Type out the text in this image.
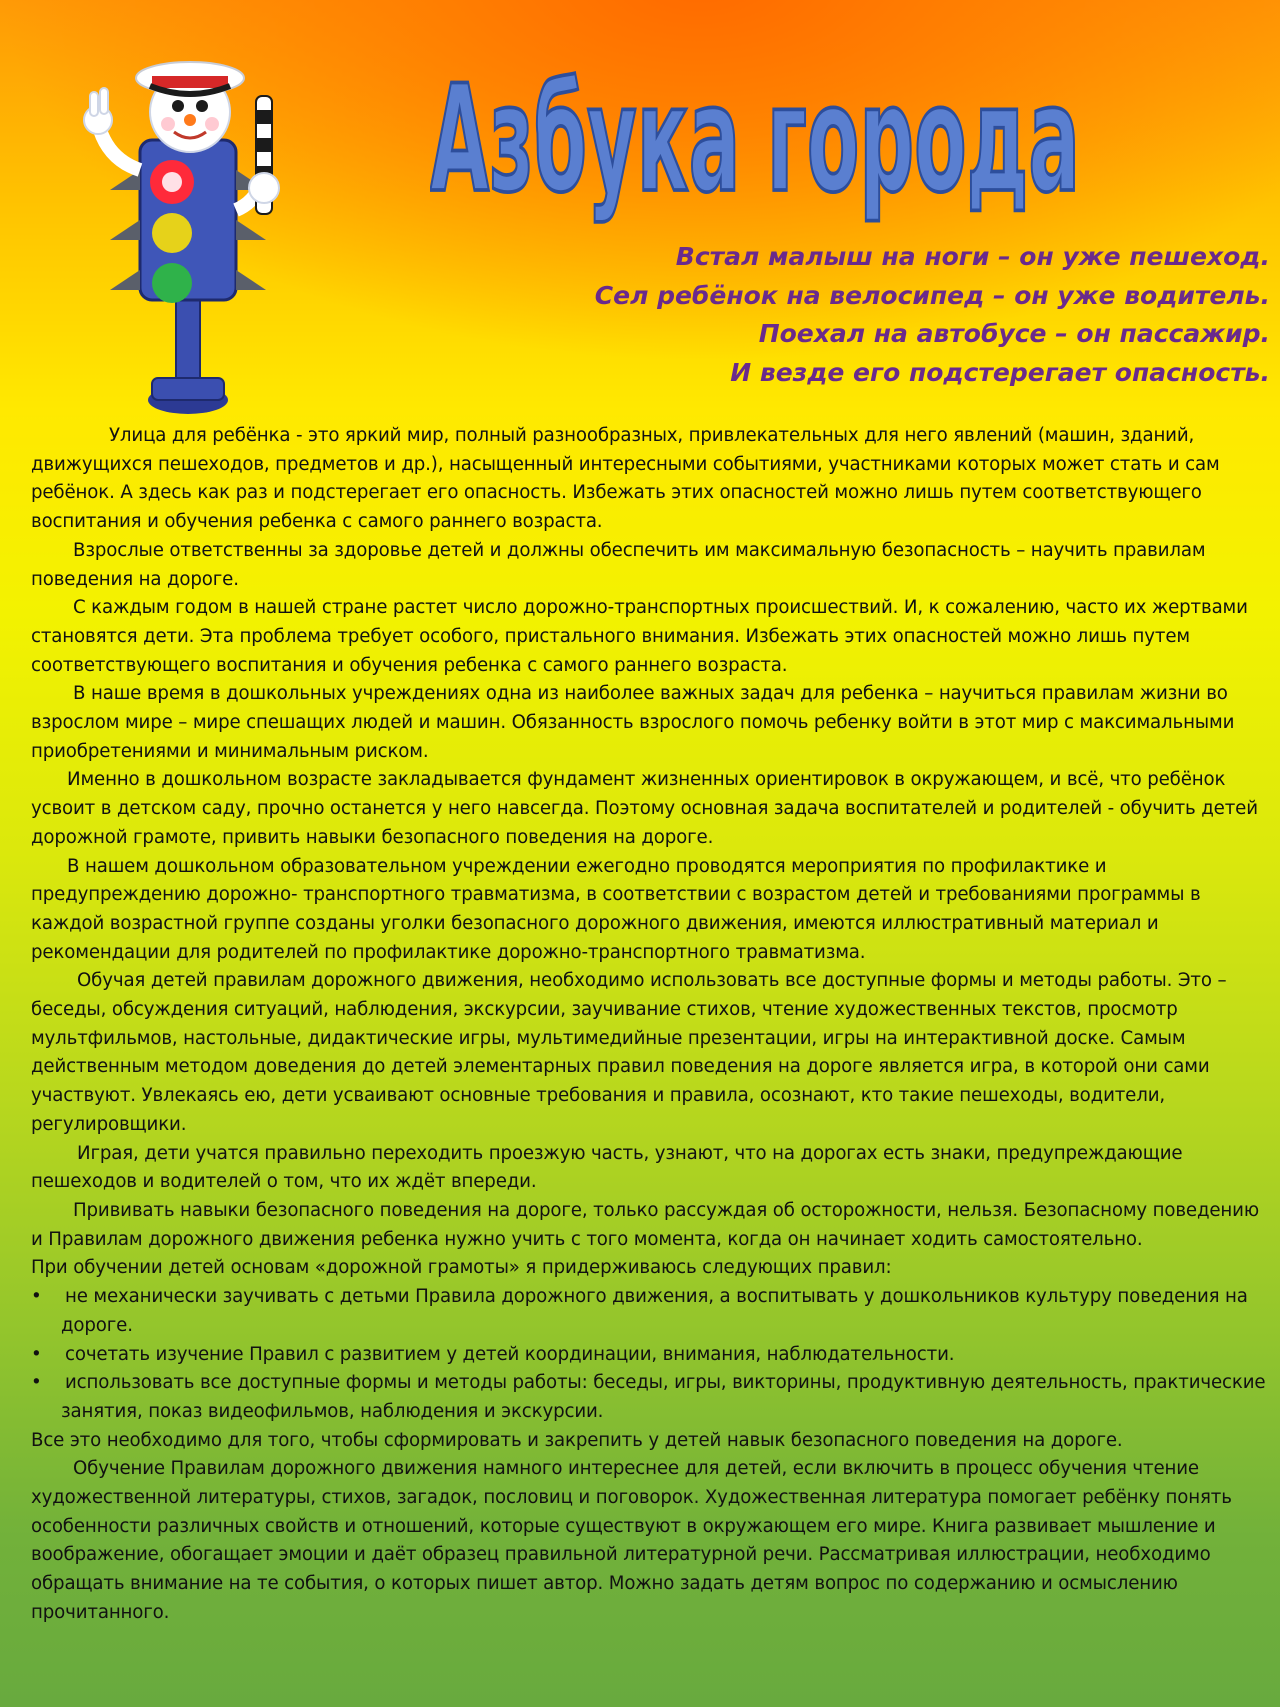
Азбука города
Встал малыш на ноги – он уже пешеход.
Сел ребёнок на велосипед – он уже водитель.
Поехал на автобусе – он пассажир.
И везде его подстерегает опасность.

Улица для ребёнка - это яркий мир, полный разнообразных, привлекательных для него явлений (машин, зданий, движущихся пешеходов, предметов и др.), насыщенный интересными событиями, участниками которых может стать и сам ребёнок. А здесь как раз и подстерегает его опасность. Избежать этих опасностей можно лишь путем соответствующего воспитания и обучения ребенка с самого раннего возраста.

Взрослые ответственны за здоровье детей и должны обеспечить им максимальную безопасность – научить правилам поведения на дороге.

С каждым годом в нашей стране растет число дорожно-транспортных происшествий. И, к сожалению, часто их жертвами становятся дети. Эта проблема требует особого, пристального внимания. Избежать этих опасностей можно лишь путем соответствующего воспитания и обучения ребенка с самого раннего возраста.

В наше время в дошкольных учреждениях одна из наиболее важных задач для ребенка – научиться правилам жизни во взрослом мире – мире спешащих людей и машин. Обязанность взрослого помочь ребенку войти в этот мир с максимальными приобретениями и минимальным риском.

Именно в дошкольном возрасте закладывается фундамент жизненных ориентировок в окружающем, и всё, что ребёнок усвоит в детском саду, прочно останется у него навсегда. Поэтому основная задача воспитателей и родителей - обучить детей дорожной грамоте, привить навыки безопасного поведения на дороге.

В нашем дошкольном образовательном учреждении ежегодно проводятся мероприятия по профилактике и предупреждению дорожно- транспортного травматизма, в соответствии с возрастом детей и требованиями программы в каждой возрастной группе созданы уголки безопасного дорожного движения, имеются иллюстративный материал и рекомендации для родителей по профилактике дорожно-транспортного травматизма.

Обучая детей правилам дорожного движения, необходимо использовать все доступные формы и методы работы. Это – беседы, обсуждения ситуаций, наблюдения, экскурсии, заучивание стихов, чтение художественных текстов, просмотр мультфильмов, настольные, дидактические игры, мультимедийные презентации, игры на интерактивной доске. Самым действенным методом доведения до детей элементарных правил поведения на дороге является игра, в которой они сами участвуют. Увлекаясь ею, дети усваивают основные требования и правила, осознают, кто такие пешеходы, водители, регулировщики.

Играя, дети учатся правильно переходить проезжую часть, узнают, что на дорогах есть знаки, предупреждающие пешеходов и водителей о том, что их ждёт впереди.

Прививать навыки безопасного поведения на дороге, только рассуждая об осторожности, нельзя. Безопасному поведению и Правилам дорожного движения ребенка нужно учить с того момента, когда он начинает ходить самостоятельно.

При обучении детей основам «дорожной грамоты» я придерживаюсь следующих правил:

• не механически заучивать с детьми Правила дорожного движения, а воспитывать у дошкольников культуру поведения на дороге.
• сочетать изучение Правил с развитием у детей координации, внимания, наблюдательности.
• использовать все доступные формы и методы работы: беседы, игры, викторины, продуктивную деятельность, практические занятия, показ видеофильмов, наблюдения и экскурсии.

Все это необходимо для того, чтобы сформировать и закрепить у детей навык безопасного поведения на дороге.

Обучение Правилам дорожного движения намного интереснее для детей, если включить в процесс обучения чтение художественной литературы, стихов, загадок, пословиц и поговорок. Художественная литература помогает ребёнку понять особенности различных свойств и отношений, которые существуют в окружающем его мире. Книга развивает мышление и воображение, обогащает эмоции и даёт образец правильной литературной речи. Рассматривая иллюстрации, необходимо обращать внимание на те события, о которых пишет автор. Можно задать детям вопрос по содержанию и осмыслению прочитанного.
